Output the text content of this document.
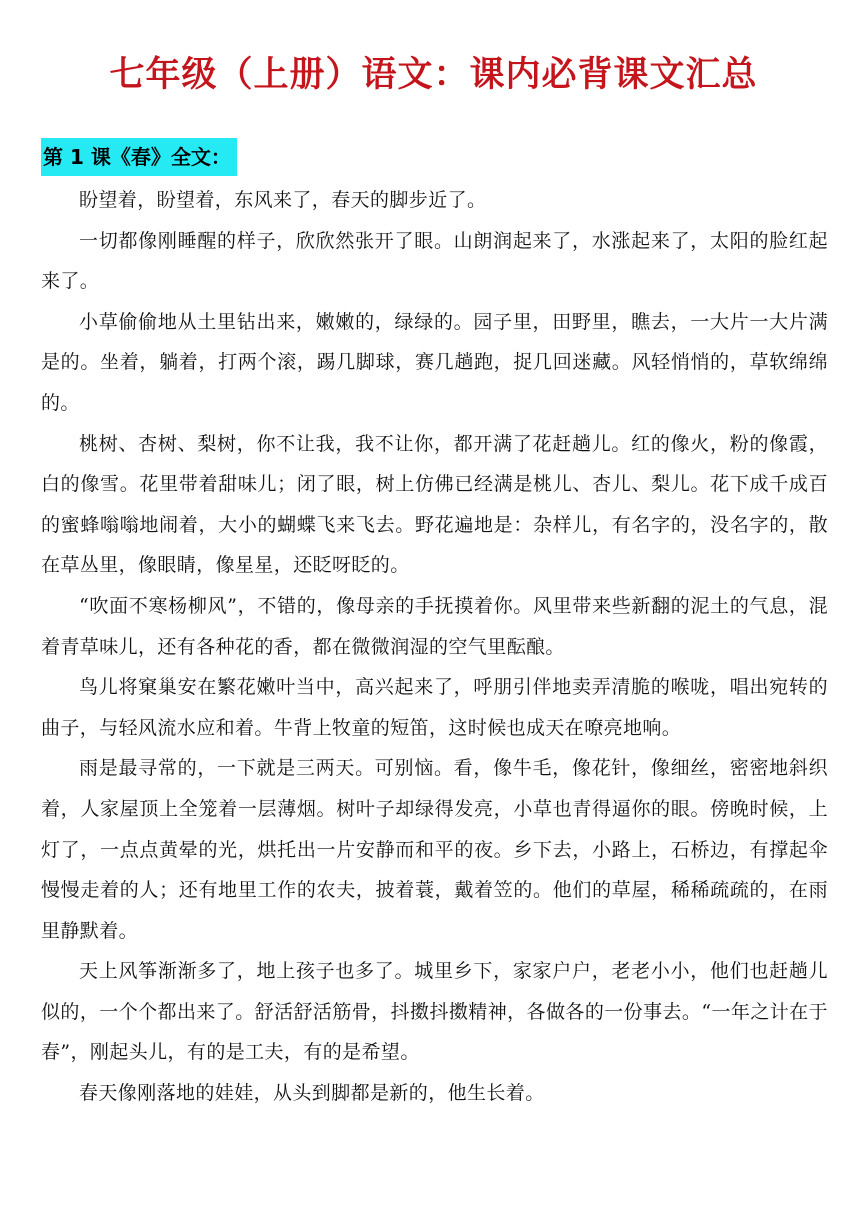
七年级（上册）语文：课内必背课文汇总
第 1 课《春》全文：

盼望着，盼望着，东风来了，春天的脚步近了。

一切都像刚睡醒的样子，欣欣然张开了眼。山朗润起来了，水涨起来了，太阳的脸红起来了。

小草偷偷地从土里钻出来，嫩嫩的，绿绿的。园子里，田野里，瞧去，一大片一大片满是的。坐着，躺着，打两个滚，踢几脚球，赛几趟跑，捉几回迷藏。风轻悄悄的，草软绵绵的。

桃树、杏树、梨树，你不让我，我不让你，都开满了花赶趟儿。红的像火，粉的像霞，白的像雪。花里带着甜味儿；闭了眼，树上仿佛已经满是桃儿、杏儿、梨儿。花下成千成百的蜜蜂嗡嗡地闹着，大小的蝴蝶飞来飞去。野花遍地是：杂样儿，有名字的，没名字的，散在草丛里，像眼睛，像星星，还眨呀眨的。

“吹面不寒杨柳风”，不错的，像母亲的手抚摸着你。风里带来些新翻的泥土的气息，混着青草味儿，还有各种花的香，都在微微润湿的空气里酝酿。

鸟儿将窠巢安在繁花嫩叶当中，高兴起来了，呼朋引伴地卖弄清脆的喉咙，唱出宛转的曲子，与轻风流水应和着。牛背上牧童的短笛，这时候也成天在嘹亮地响。

雨是最寻常的，一下就是三两天。可别恼。看，像牛毛，像花针，像细丝，密密地斜织着，人家屋顶上全笼着一层薄烟。树叶子却绿得发亮，小草也青得逼你的眼。傍晚时候，上灯了，一点点黄晕的光，烘托出一片安静而和平的夜。乡下去，小路上，石桥边，有撑起伞慢慢走着的人；还有地里工作的农夫，披着蓑，戴着笠的。他们的草屋，稀稀疏疏的，在雨里静默着。

天上风筝渐渐多了，地上孩子也多了。城里乡下，家家户户，老老小小，他们也赶趟儿似的，一个个都出来了。舒活舒活筋骨，抖擞抖擞精神，各做各的一份事去。“一年之计在于春”，刚起头儿，有的是工夫，有的是希望。

春天像刚落地的娃娃，从头到脚都是新的，他生长着。
